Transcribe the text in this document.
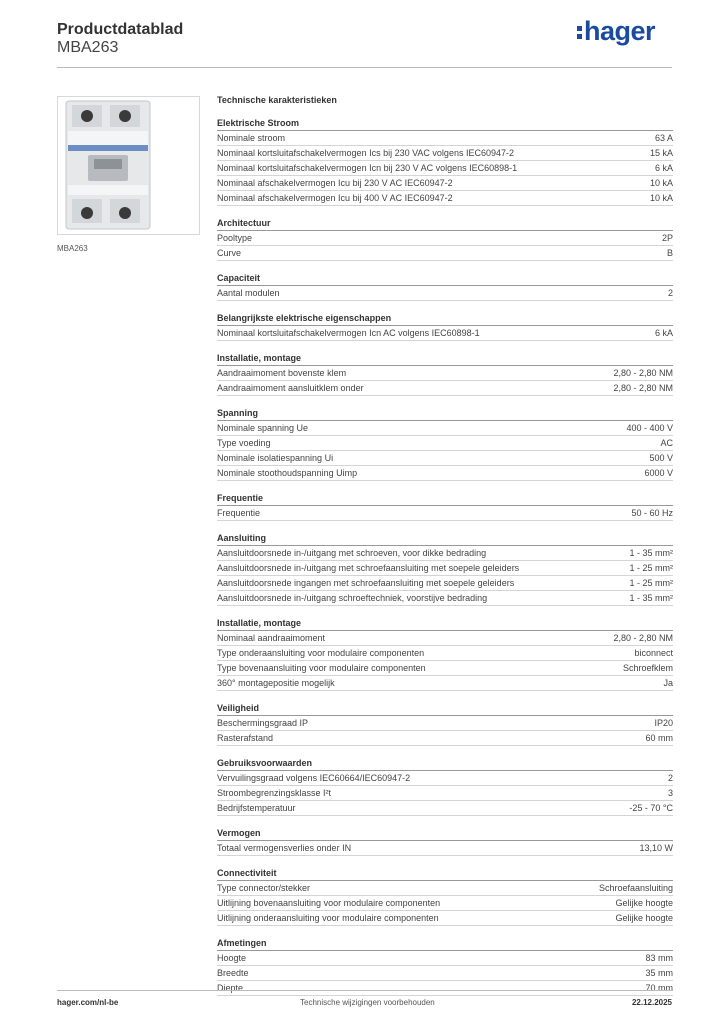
Productdatablad
MBA263
hager
MBA263
Technische karakteristieken
Elektrische Stroom
Nominale stroom	63 A
Nominaal kortsluitafschakelvermogen Ics bij 230 VAC volgens IEC60947-2	15 kA
Nominaal kortsluitafschakelvermogen Icn bij 230 V AC volgens IEC60898-1	6 kA
Nominaal afschakelvermogen Icu bij 230 V AC IEC60947-2	10 kA
Nominaal afschakelvermogen Icu bij 400 V AC IEC60947-2	10 kA
Architectuur
Pooltype	2P
Curve	B
Capaciteit
Aantal modulen	2
Belangrijkste elektrische eigenschappen
Nominaal kortsluitafschakelvermogen Icn AC volgens IEC60898-1	6 kA
Installatie, montage
Aandraaimoment bovenste klem	2,80 - 2,80 NM
Aandraaimoment aansluitklem onder	2,80 - 2,80 NM
Spanning
Nominale spanning Ue	400 - 400 V
Type voeding	AC
Nominale isolatiespanning Ui	500 V
Nominale stoothoudspanning Uimp	6000 V
Frequentie
Frequentie	50 - 60 Hz
Aansluiting
Aansluitdoorsnede in-/uitgang met schroeven, voor dikke bedrading	1 - 35 mm²
Aansluitdoorsnede in-/uitgang met schroefaansluiting met soepele geleiders	1 - 25 mm²
Aansluitdoorsnede ingangen met schroefaansluiting met soepele geleiders	1 - 25 mm²
Aansluitdoorsnede in-/uitgang schroeftechniek, voorstijve bedrading	1 - 35 mm²
Installatie, montage
Nominaal aandraaimoment	2,80 - 2,80 NM
Type onderaansluiting voor modulaire componenten	biconnect
Type bovenaansluiting voor modulaire componenten	Schroefklem
360° montagepositie mogelijk	Ja
Veiligheid
Beschermingsgraad IP	IP20
Rasterafstand	60 mm
Gebruiksvoorwaarden
Vervuilingsgraad volgens IEC60664/IEC60947-2	2
Stroombegrenzingsklasse I²t	3
Bedrijfstemperatuur	-25 - 70 °C
Vermogen
Totaal vermogensverlies onder IN	13,10 W
Connectiviteit
Type connector/stekker	Schroefaansluiting
Uitlijning bovenaansluiting voor modulaire componenten	Gelijke hoogte
Uitlijning onderaansluiting voor modulaire componenten	Gelijke hoogte
Afmetingen
Hoogte	83 mm
Breedte	35 mm
Diepte	70 mm
hager.com/nl-be	Technische wijzigingen voorbehouden	22.12.2025
